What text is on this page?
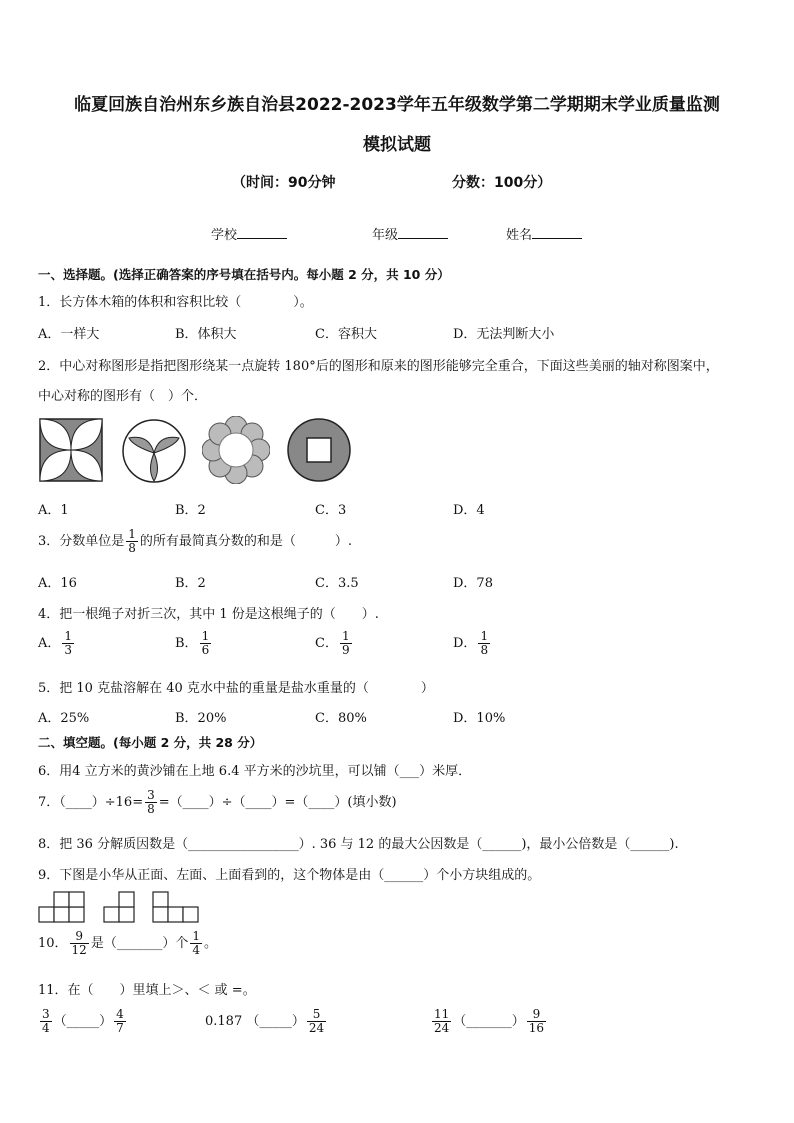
临夏回族自治州东乡族自治县2022-2023学年五年级数学第二学期期末学业质量监测
模拟试题
（时间：90分钟	分数：100分）
学校	年级	姓名
一、选择题。(选择正确答案的序号填在括号内。每小题 2 分，共 10 分）
1．长方体木箱的体积和容积比较（　　　　）。
A．一样大	B．体积大	C．容积大	D．无法判断大小
2．中心对称图形是指把图形绕某一点旋转 180°后的图形和原来的图形能够完全重合，下面这些美丽的轴对称图案中，
中心对称的图形有（　）个．
A．1	B．2	C．3	D．4
3．分数单位是 $\frac{1}{8}$ 的所有最简真分数的和是（　　　）.
A．16	B．2	C．3.5	D．78
4．把一根绳子对折三次，其中 1 份是这根绳子的（　　）.
A． $\frac{1}{3}$	B． $\frac{1}{6}$	C． $\frac{1}{9}$	D． $\frac{1}{8}$
5．把 10 克盐溶解在 40 克水中盐的重量是盐水重量的（　　　　）
A．25%	B．20%	C．80%	D．10%
二、填空题。(每小题 2 分，共 28 分）
6．用4 立方米的黄沙铺在上地 6.4 平方米的沙坑里，可以铺（___）米厚．
7．（____）÷16= $\frac{3}{8}$ =（____）÷（____）=（____）(填小数)
8．把 36 分解质因数是（_________________）. 36 与 12 的最大公因数是（______)，最小公倍数是（______).
9．下图是小华从正面、左面、上面看到的，这个物体是由（______）个小方块组成的。
10． $\frac{9}{12}$ 是（_______）个 $\frac{1}{4}$ 。
11．在（　　）里填上＞、＜ 或 =。
$\frac{3}{4}$ （_____） $\frac{4}{7}$	0.187 （_____） $\frac{5}{24}$	$\frac{11}{24}$ （_______） $\frac{9}{16}$
